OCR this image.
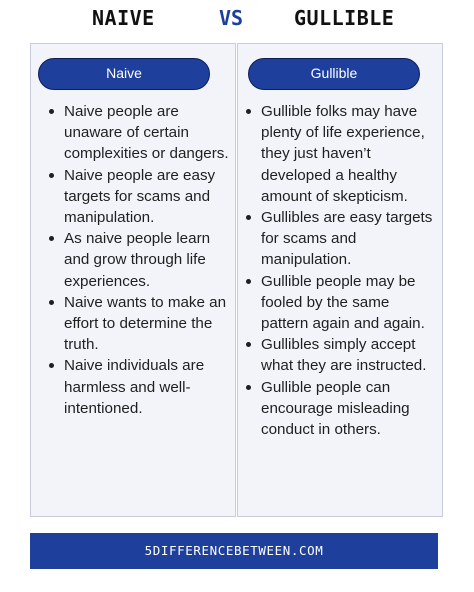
NAIVE	VS	GULLIBLE
Naive
Naive people are unaware of certain complexities or dangers.
Naive people are easy targets for scams and manipulation.
As naive people learn and grow through life experiences.
Naive wants to make an effort to determine the truth.
Naive individuals are harmless and well-intentioned.
Gullible
Gullible folks may have plenty of life experience, they just haven’t developed a healthy amount of skepticism.
Gullibles are easy targets for scams and manipulation.
Gullible people may be fooled by the same pattern again and again.
Gullibles simply accept what they are instructed.
Gullible people can encourage misleading conduct in others.
5DIFFERENCEBETWEEN.COM
